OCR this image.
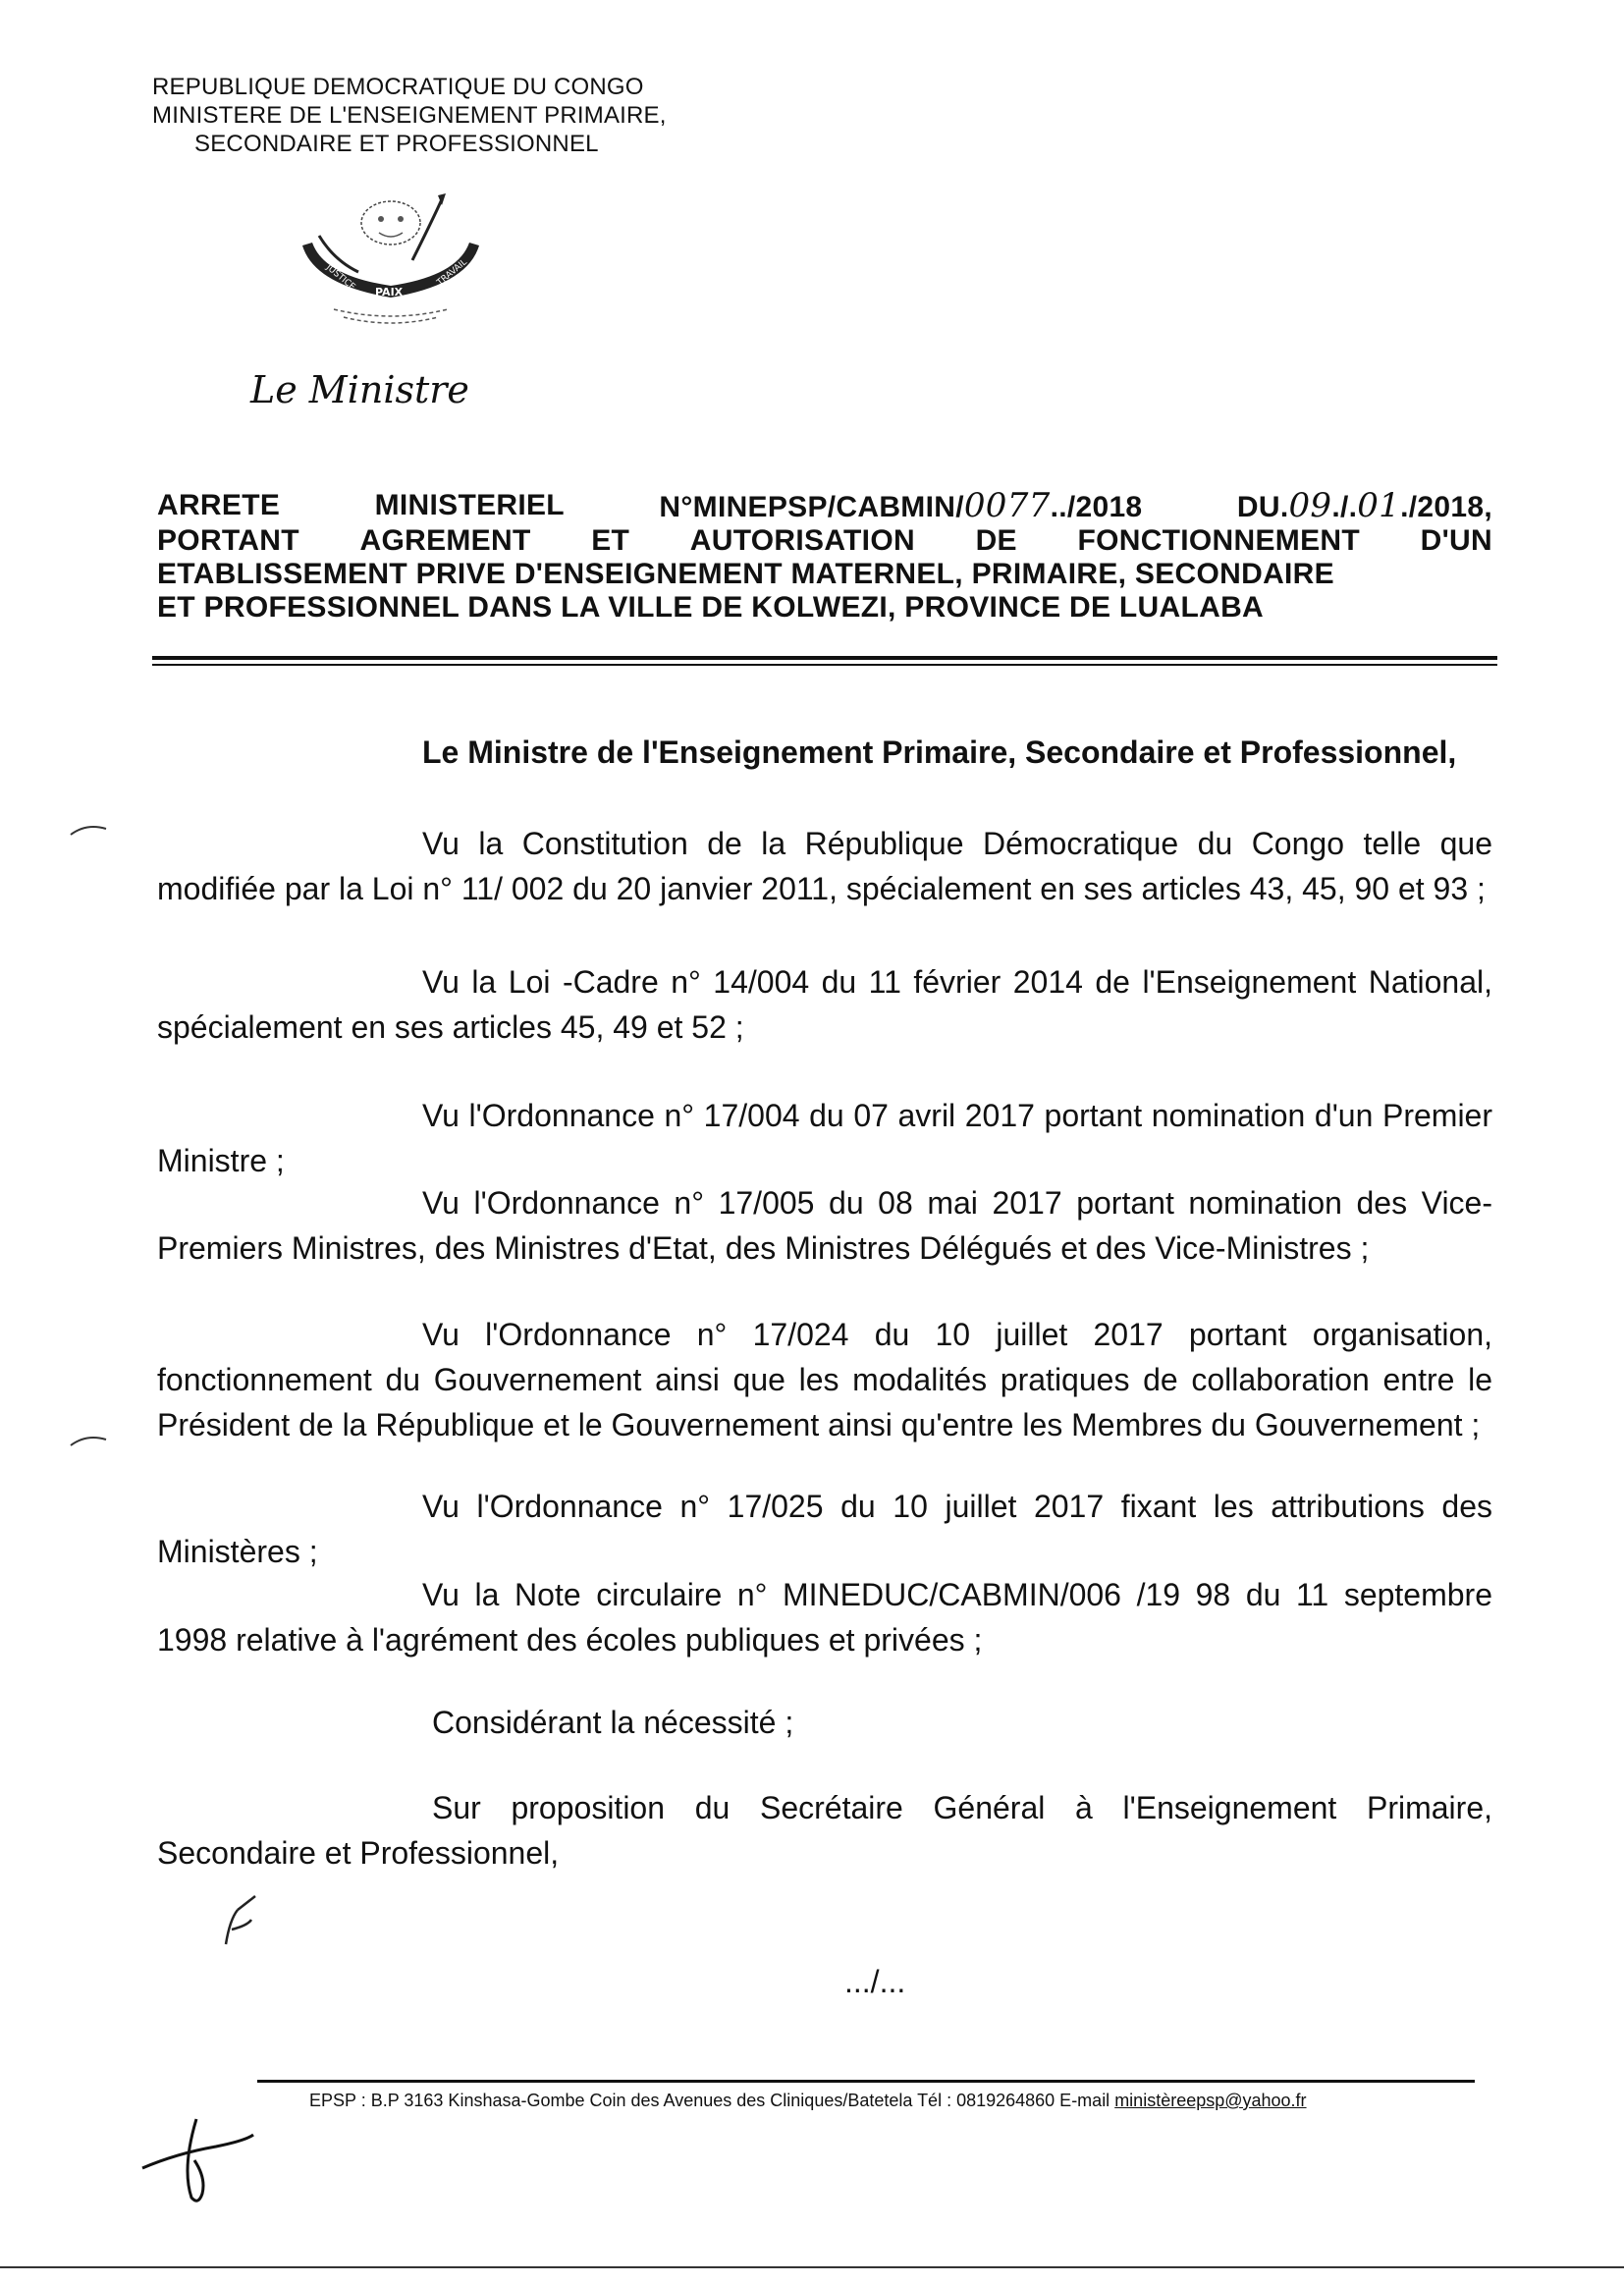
REPUBLIQUE DEMOCRATIQUE DU CONGO
MINISTERE DE L'ENSEIGNEMENT PRIMAIRE,
SECONDAIRE ET PROFESSIONNEL
JUSTICE PAIX
TRAVAIL
Le Ministre
ARRETE	MINISTERIEL	N°MINEPSP/CABMIN/0077../2018	DU.09./.01./2018,
PORTANT AGREMENT ET AUTORISATION DE FONCTIONNEMENT D'UN
ETABLISSEMENT PRIVE D'ENSEIGNEMENT MATERNEL, PRIMAIRE, SECONDAIRE
ET PROFESSIONNEL DANS LA VILLE DE KOLWEZI, PROVINCE DE LUALABA
Le Ministre de l'Enseignement Primaire, Secondaire et Professionnel,

Vu la Constitution de la République Démocratique du Congo telle que modifiée par la Loi n° 11/ 002 du 20 janvier 2011, spécialement en ses articles 43, 45, 90 et 93 ;

Vu la Loi -Cadre n° 14/004 du 11 février 2014 de l'Enseignement National, spécialement en ses articles 45, 49 et 52 ;

Vu l'Ordonnance n° 17/004 du 07 avril 2017 portant nomination d'un Premier Ministre ;

Vu l'Ordonnance n° 17/005 du 08 mai 2017 portant nomination des Vice-Premiers Ministres, des Ministres d'Etat, des Ministres Délégués et des Vice-Ministres ;

Vu l'Ordonnance n° 17/024 du 10 juillet 2017 portant organisation, fonctionnement du Gouvernement ainsi que les modalités pratiques de collaboration entre le Président de la République et le Gouvernement ainsi qu'entre les Membres du Gouvernement ;

Vu l'Ordonnance n° 17/025 du 10 juillet 2017 fixant les attributions des Ministères ;

Vu la Note circulaire n° MINEDUC/CABMIN/006 /19 98 du 11 septembre 1998 relative à l'agrément des écoles publiques et privées ;

Considérant la nécessité ;

Sur proposition du Secrétaire Général à l'Enseignement Primaire, Secondaire et Professionnel,

.../...
EPSP : B.P 3163 Kinshasa-Gombe Coin des Avenues des Cliniques/Batetela Tél : 0819264860 E-mail ministèreepsp@yahoo.fr
